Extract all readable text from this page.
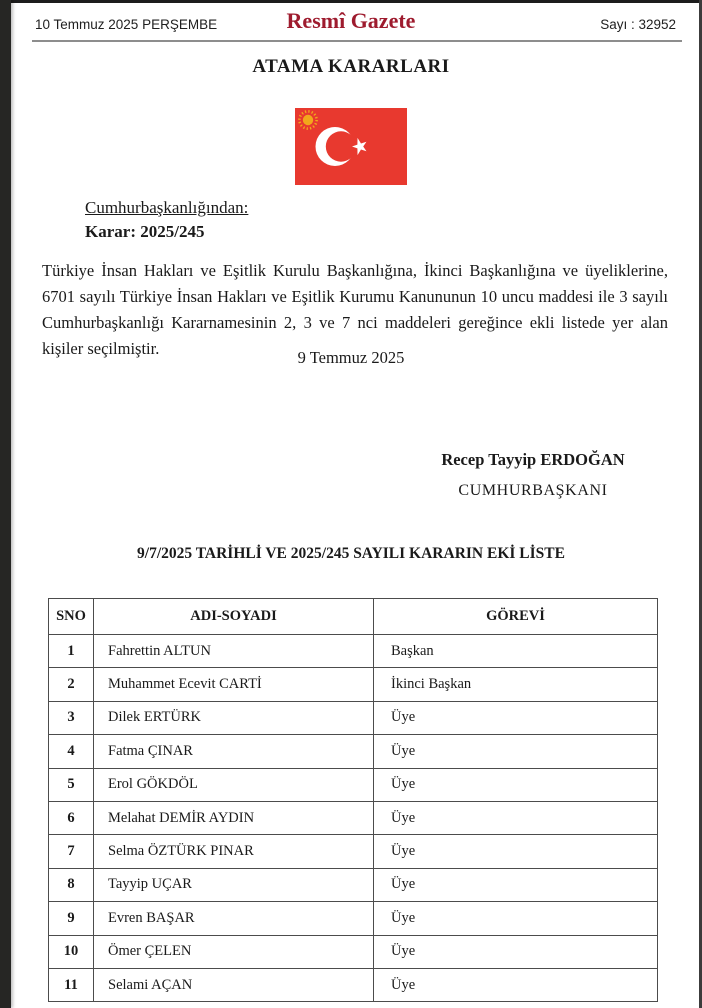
10 Temmuz 2025 PERŞEMBE	Resmî Gazete	Sayı : 32952
ATAMA KARARLARI
Cumhurbaşkanlığından:
Karar: 2025/245
Türkiye İnsan Hakları ve Eşitlik Kurulu Başkanlığına, İkinci Başkanlığına ve üyeliklerine, 6701 sayılı Türkiye İnsan Hakları ve Eşitlik Kurumu Kanununun 10 uncu maddesi ile 3 sayılı Cumhurbaşkanlığı Kararnamesinin 2, 3 ve 7 nci maddeleri gereğince ekli listede yer alan kişiler seçilmiştir.	9 Temmuz 2025
Recep Tayyip ERDOĞAN
CUMHURBAŞKANI
9/7/2025 TARİHLİ VE 2025/245 SAYILI KARARIN EKİ LİSTE
SNO	ADI-SOYADI	GÖREVİ
1	Fahrettin ALTUN	Başkan
2	Muhammet Ecevit CARTİ	İkinci Başkan
3	Dilek ERTÜRK	Üye
4	Fatma ÇINAR	Üye
5	Erol GÖKDÖL	Üye
6	Melahat DEMİR AYDIN	Üye
7	Selma ÖZTÜRK PINAR	Üye
8	Tayyip UÇAR	Üye
9	Evren BAŞAR	Üye
10	Ömer ÇELEN	Üye
11	Selami AÇAN	Üye
